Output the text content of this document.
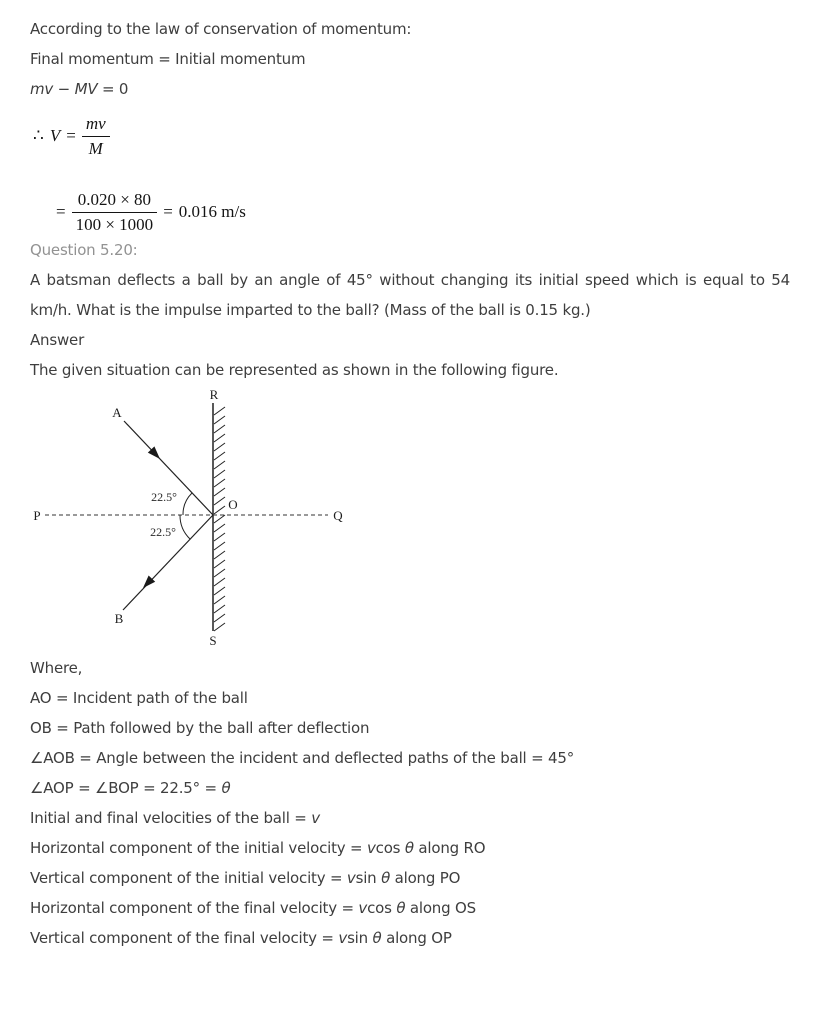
According to the law of conservation of momentum:

Final momentum = Initial momentum

mv − MV = 0

∴ $V = \frac{mv}{M}$
= $\frac{0.020 \times 80}{100 \times 1000} = 0.016$ m/s

Question 5.20:

A batsman deflects a ball by an angle of 45° without changing its initial speed which is equal to 54 km/h. What is the impulse imparted to the ball? (Mass of the ball is 0.15 kg.)

Answer

The given situation can be represented as shown in the following figure.

22.5°
22.5°
R
S
O
P	Q
A
B

Where,

AO = Incident path of the ball

OB = Path followed by the ball after deflection

∠AOB = Angle between the incident and deflected paths of the ball = 45°

∠AOP = ∠BOP = 22.5° = θ

Initial and final velocities of the ball = v

Horizontal component of the initial velocity = vcos θ along RO

Vertical component of the initial velocity = vsin θ along PO

Horizontal component of the final velocity = vcos θ along OS

Vertical component of the final velocity = vsin θ along OP
